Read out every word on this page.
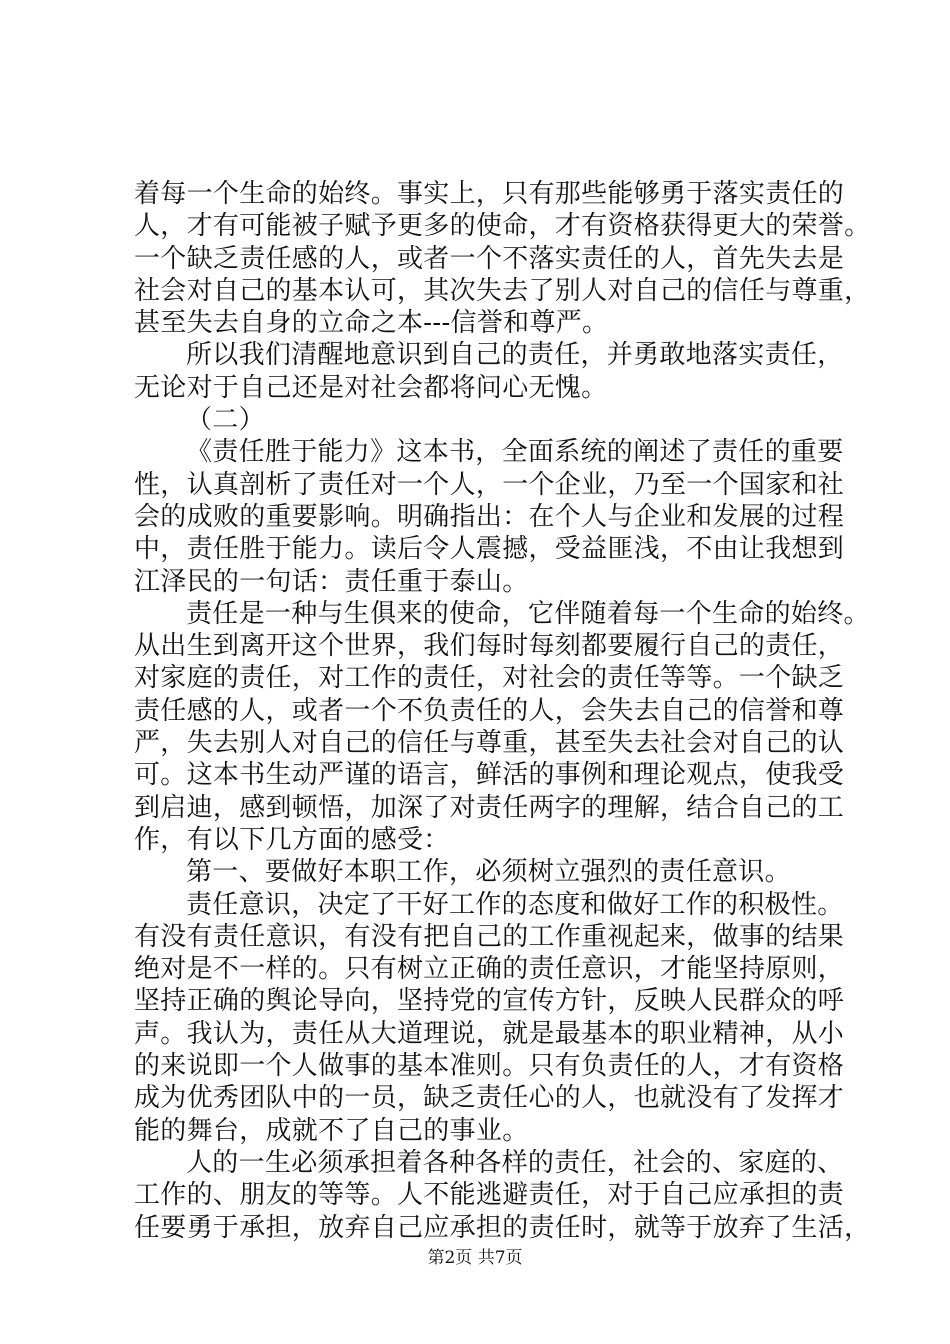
着每一个生命的始终。事实上，只有那些能够勇于落实责任的
人，才有可能被子赋予更多的使命，才有资格获得更大的荣誉。
一个缺乏责任感的人，或者一个不落实责任的人，首先失去是
社会对自己的基本认可，其次失去了别人对自己的信任与尊重，
甚至失去自身的立命之本---信誉和尊严。
所以我们清醒地意识到自己的责任，并勇敢地落实责任，
无论对于自己还是对社会都将问心无愧。
（二）
《责任胜于能力》这本书，全面系统的阐述了责任的重要
性，认真剖析了责任对一个人，一个企业，乃至一个国家和社
会的成败的重要影响。明确指出：在个人与企业和发展的过程
中，责任胜于能力。读后令人震撼，受益匪浅，不由让我想到
江泽民的一句话：责任重于泰山。
责任是一种与生俱来的使命，它伴随着每一个生命的始终。
从出生到离开这个世界，我们每时每刻都要履行自己的责任，
对家庭的责任，对工作的责任，对社会的责任等等。一个缺乏
责任感的人，或者一个不负责任的人，会失去自己的信誉和尊
严，失去别人对自己的信任与尊重，甚至失去社会对自己的认
可。这本书生动严谨的语言，鲜活的事例和理论观点，使我受
到启迪，感到顿悟，加深了对责任两字的理解，结合自己的工
作，有以下几方面的感受：
第一、要做好本职工作，必须树立强烈的责任意识。
责任意识，决定了干好工作的态度和做好工作的积极性。
有没有责任意识，有没有把自己的工作重视起来，做事的结果
绝对是不一样的。只有树立正确的责任意识，才能坚持原则，
坚持正确的舆论导向，坚持党的宣传方针，反映人民群众的呼
声。我认为，责任从大道理说，就是最基本的职业精神，从小
的来说即一个人做事的基本准则。只有负责任的人，才有资格
成为优秀团队中的一员，缺乏责任心的人，也就没有了发挥才
能的舞台，成就不了自己的事业。
人的一生必须承担着各种各样的责任，社会的、家庭的、
工作的、朋友的等等。人不能逃避责任，对于自己应承担的责
任要勇于承担，放弃自己应承担的责任时，就等于放弃了生活，
第2页 共7页
